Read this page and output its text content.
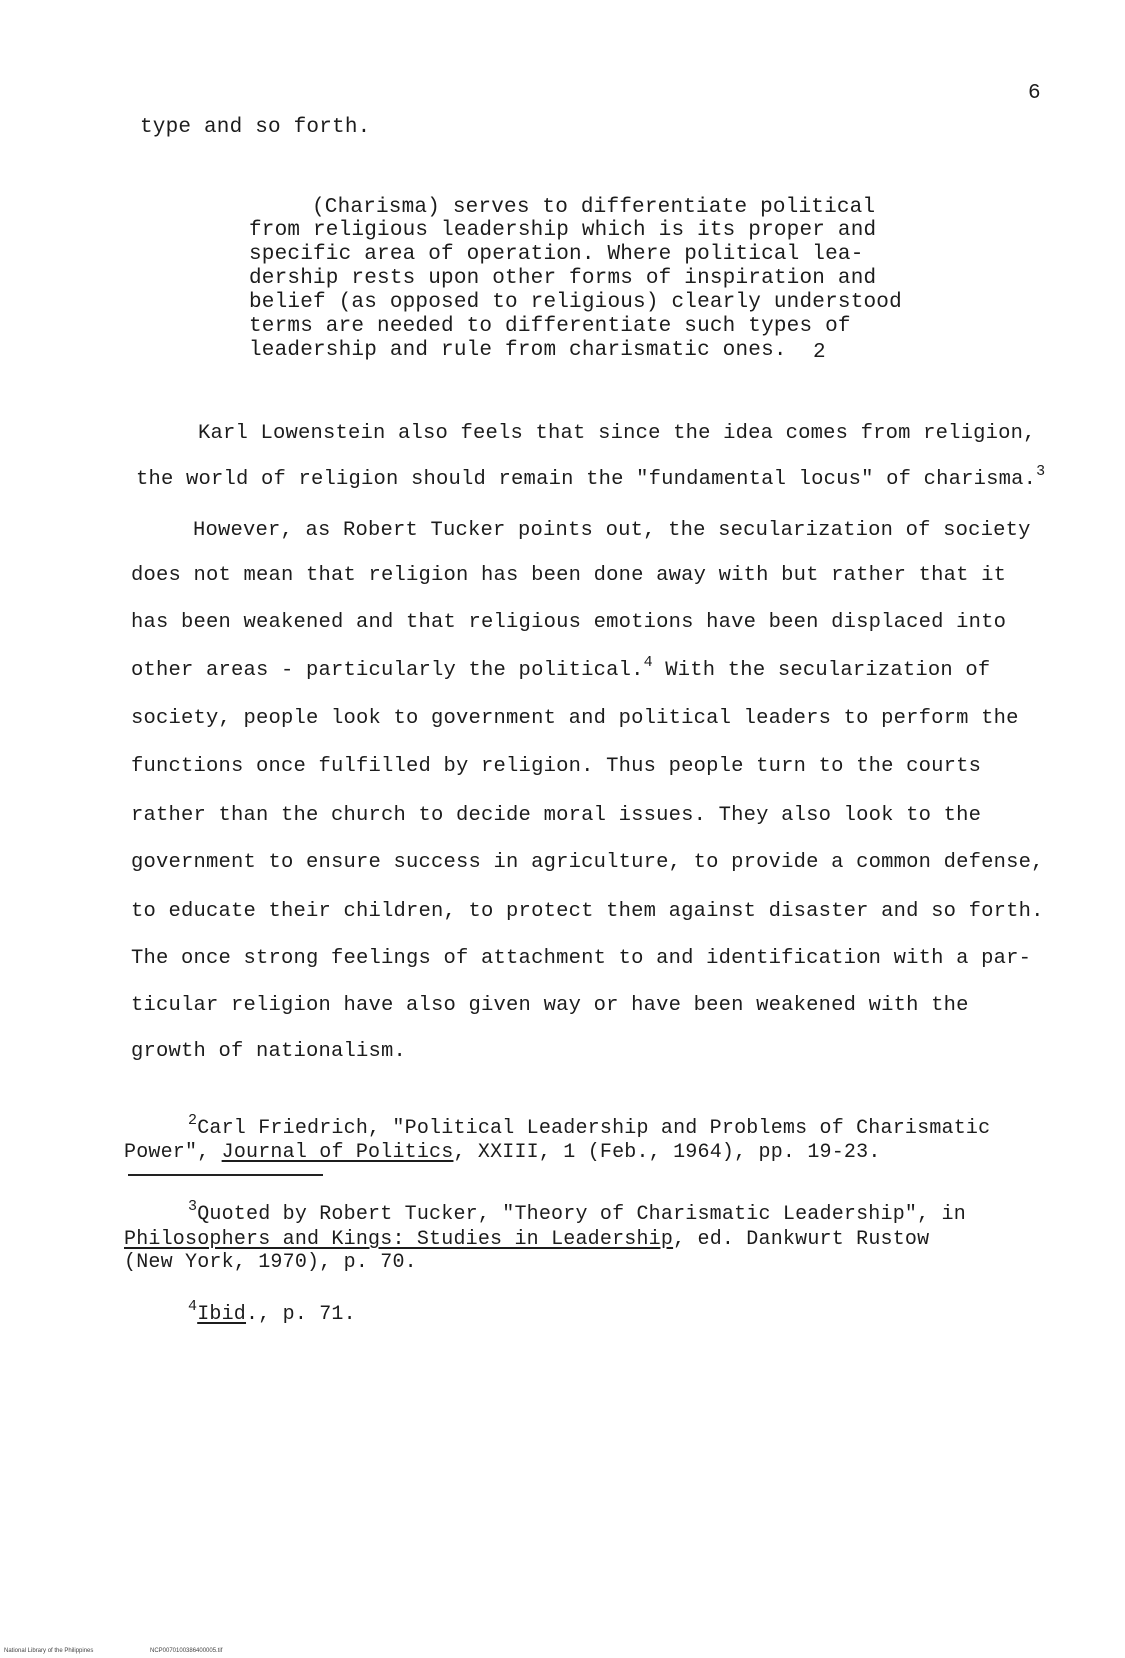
6
type and so forth.
(Charisma) serves to differentiate political
from religious leadership which is its proper and
specific area of operation. Where political lea-
dership rests upon other forms of inspiration and
belief (as opposed to religious) clearly understood
terms are needed to differentiate such types of
leadership and rule from charismatic ones. 2
Karl Lowenstein also feels that since the idea comes from religion,
the world of religion should remain the "fundamental locus" of charisma.$^3$
However, as Robert Tucker points out, the secularization of society
does not mean that religion has been done away with but rather that it
has been weakened and that religious emotions have been displaced into
other areas - particularly the political.$^4$ With the secularization of
society, people look to government and political leaders to perform the
functions once fulfilled by religion. Thus people turn to the courts
rather than the church to decide moral issues. They also look to the
government to ensure success in agriculture, to provide a common defense,
to educate their children, to protect them against disaster and so forth.
The once strong feelings of attachment to and identification with a par-
ticular religion have also given way or have been weakened with the
growth of nationalism.
$^2$Carl Friedrich, "Political Leadership and Problems of Charismatic
Power", Journal of Politics, XXIII, 1 (Feb., 1964), pp. 19-23.
$^3$Quoted by Robert Tucker, "Theory of Charismatic Leadership", in
Philosophers and Kings: Studies in Leadership, ed. Dankwurt Rustow
(New York, 1970), p. 70.
$^4$Ibid., p. 71.
National Library of the Philippines	NCP0070100386400005.tif
